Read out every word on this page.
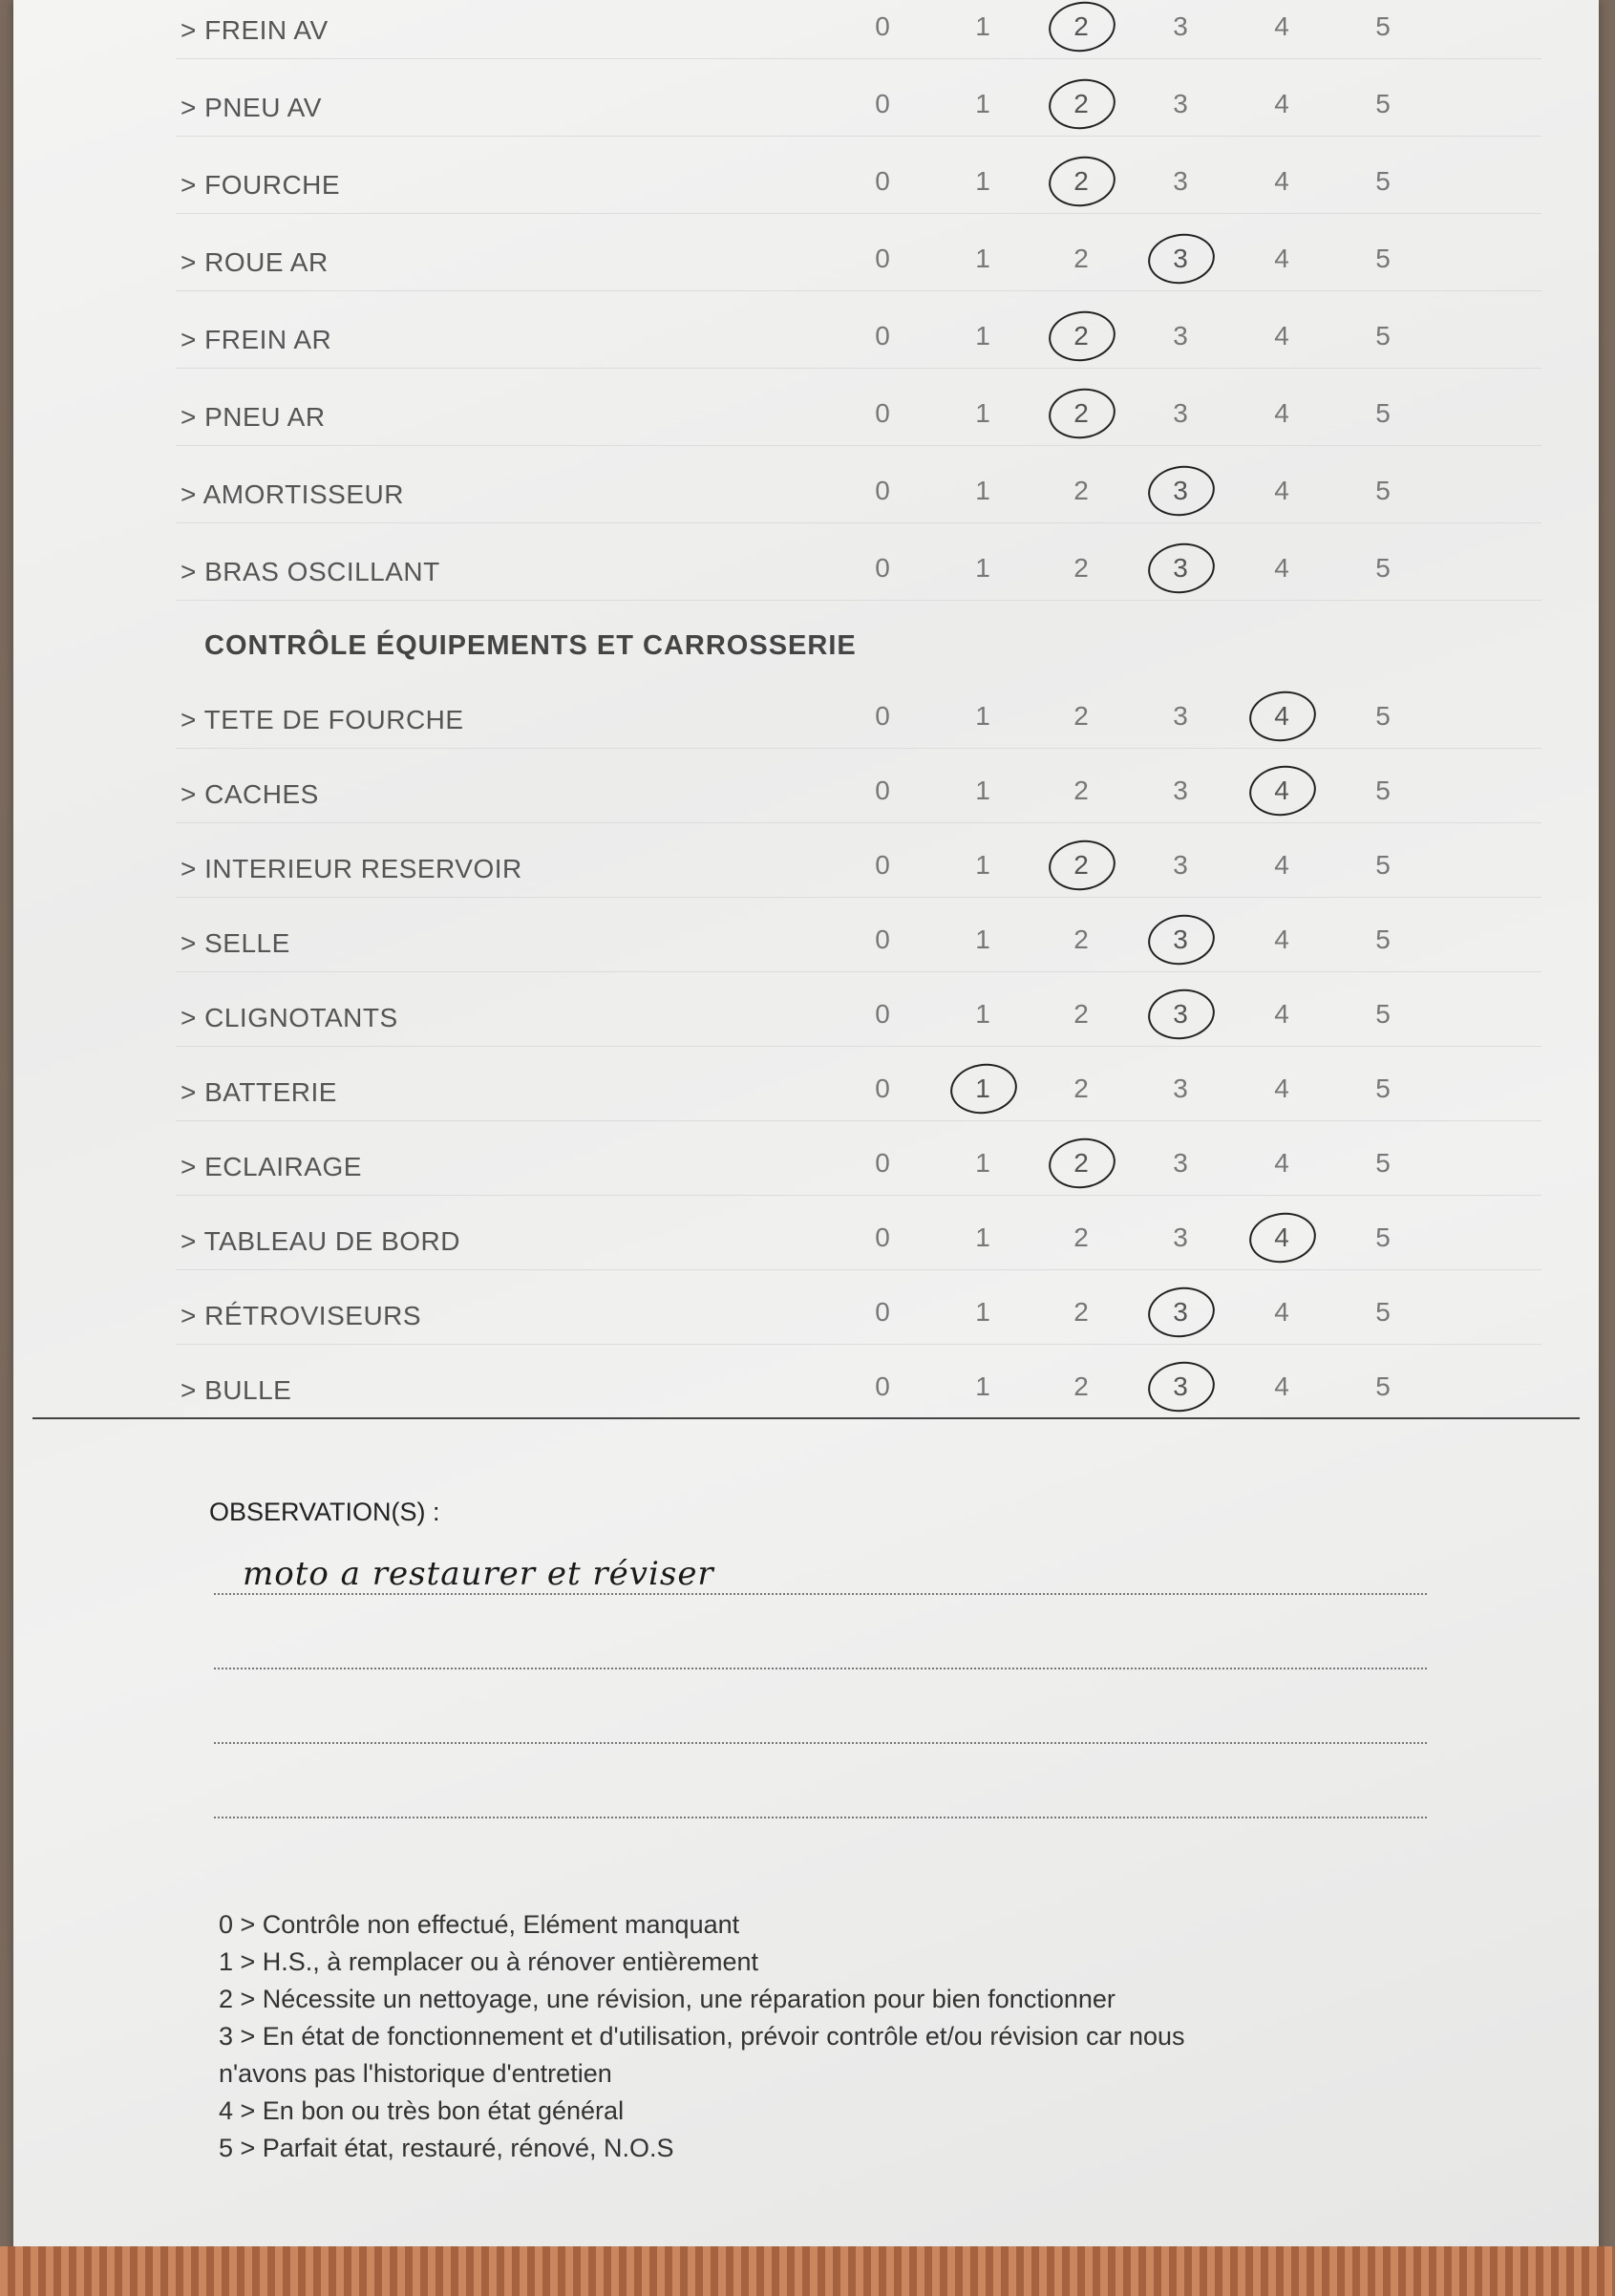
> FREIN AV	0	1	2	3	4	5
> PNEU AV	0	1	2	3	4	5
> FOURCHE	0	1	2	3	4	5
> ROUE AR	0	1	2	3	4	5
> FREIN AR	0	1	2	3	4	5
> PNEU AR	0	1	2	3	4	5
> AMORTISSEUR	0	1	2	3	4	5
> BRAS OSCILLANT	0	1	2	3	4	5
CONTRÔLE ÉQUIPEMENTS ET CARROSSERIE
> TETE DE FOURCHE	0	1	2	3	4	5
> CACHES	0	1	2	3	4	5
> INTERIEUR RESERVOIR	0	1	2	3	4	5
> SELLE	0	1	2	3	4	5
> CLIGNOTANTS	0	1	2	3	4	5
> BATTERIE	0	1	2	3	4	5
> ECLAIRAGE	0	1	2	3	4	5
> TABLEAU DE BORD	0	1	2	3	4	5
> RÉTROVISEURS	0	1	2	3	4	5
> BULLE	0	1	2	3	4	5
OBSERVATION(S) :
moto a restaurer et réviser
0 > Contrôle non effectué, Elément manquant
1 > H.S., à remplacer ou à rénover entièrement
2 > Nécessite un nettoyage, une révision, une réparation pour bien fonctionner
3 > En état de fonctionnement et d'utilisation, prévoir contrôle et/ou révision car nous
n'avons pas l'historique d'entretien
4 > En bon ou très bon état général
5 > Parfait état, restauré, rénové, N.O.S
